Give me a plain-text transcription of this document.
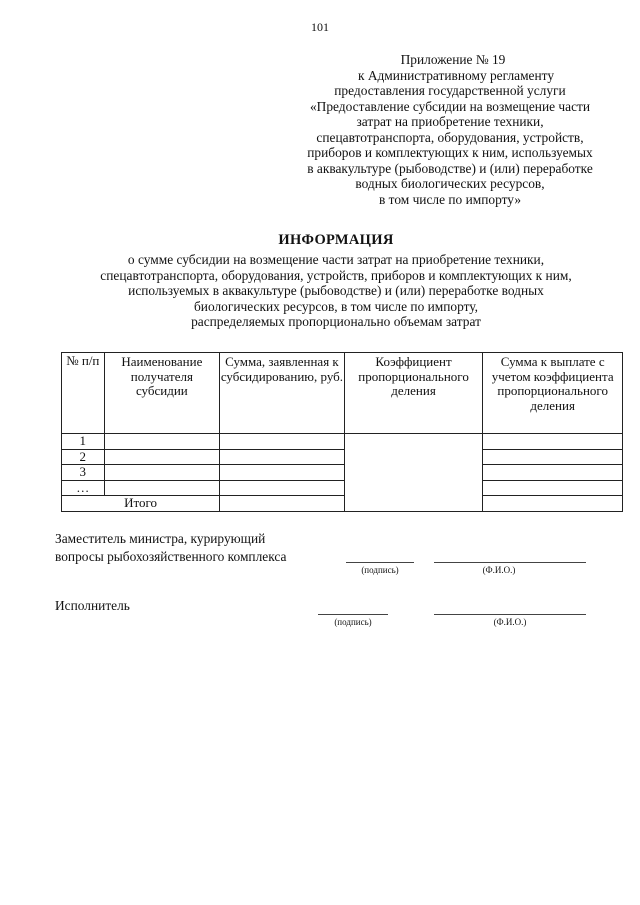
101
Приложение № 19
к Административному регламенту
предоставления государственной услуги
«Предоставление субсидии на возмещение части
затрат на приобретение техники,
спецавтотранспорта, оборудования, устройств,
приборов и комплектующих к ним, используемых
в аквакультуре (рыбоводстве) и (или) переработке
водных биологических ресурсов,
в том числе по импорту»
ИНФОРМАЦИЯ
о сумме субсидии на возмещение части затрат на приобретение техники,
спецавтотранспорта, оборудования, устройств, приборов и комплектующих к ним,
используемых в аквакультуре (рыбоводстве) и (или) переработке водных
биологических ресурсов, в том числе по импорту,
распределяемых пропорционально объемам затрат
№ п/п	Наименование получателя субсидии	Сумма, заявленная к субсидированию, руб.	Коэффициент пропорционального деления	Сумма к выплате с учетом коэффициента пропорционального деления
1				
2				
3				
…				
Итого				
Заместитель министра, курирующий
вопросы рыбохозяйственного комплекса
(подпись)	(Ф.И.О.)
Исполнитель
(подпись)	(Ф.И.О.)
